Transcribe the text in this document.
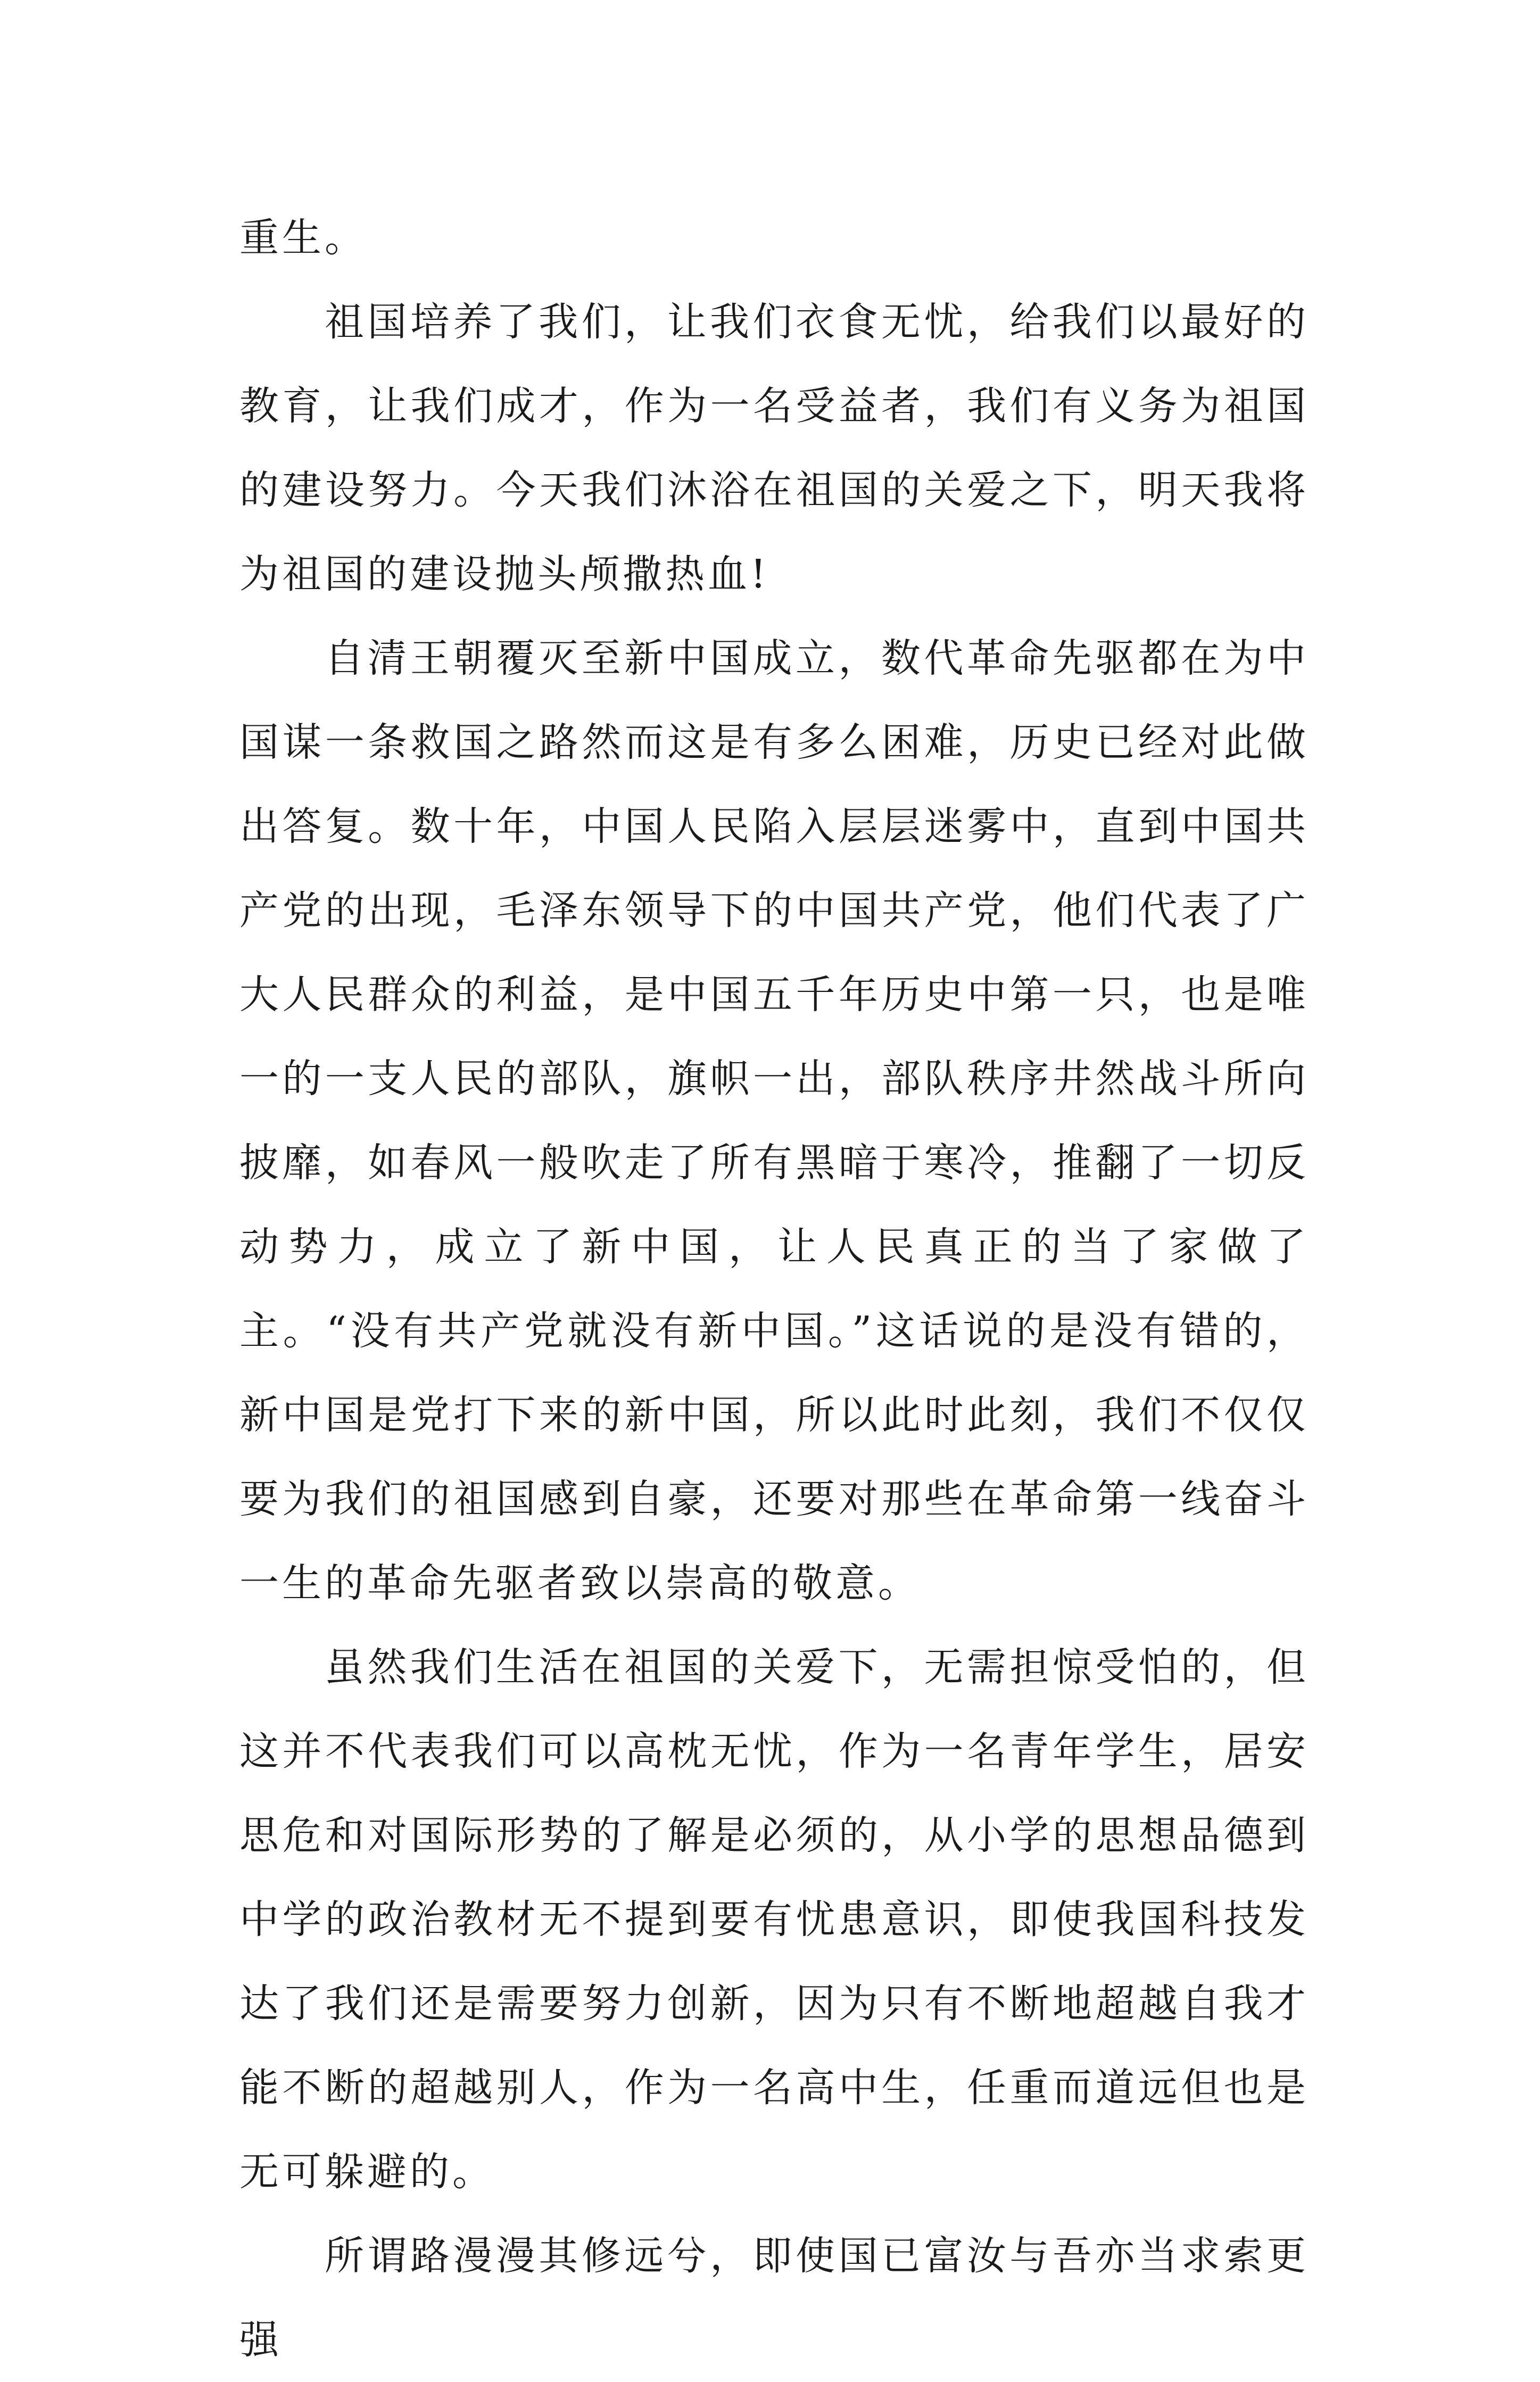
重生。

祖国培养了我们，让我们衣食无忧，给我们以最好的教育，让我们成才，作为一名受益者，我们有义务为祖国的建设努力。今天我们沐浴在祖国的关爱之下，明天我将为祖国的建设抛头颅撒热血!

自清王朝覆灭至新中国成立，数代革命先驱都在为中国谋一条救国之路然而这是有多么困难，历史已经对此做出答复。数十年，中国人民陷入层层迷雾中，直到中国共产党的出现，毛泽东领导下的中国共产党，他们代表了广大人民群众的利益，是中国五千年历史中第一只，也是唯一的一支人民的部队，旗帜一出，部队秩序井然战斗所向披靡，如春风一般吹走了所有黑暗于寒冷，推翻了一切反动势力，成立了新中国，让人民真正的当了家做了主。“没有共产党就没有新中国。”这话说的是没有错的，新中国是党打下来的新中国，所以此时此刻，我们不仅仅要为我们的祖国感到自豪，还要对那些在革命第一线奋斗一生的革命先驱者致以崇高的敬意。

虽然我们生活在祖国的关爱下，无需担惊受怕的，但这并不代表我们可以高枕无忧，作为一名青年学生，居安思危和对国际形势的了解是必须的，从小学的思想品德到中学的政治教材无不提到要有忧患意识，即使我国科技发达了我们还是需要努力创新，因为只有不断地超越自我才能不断的超越别人，作为一名高中生，任重而道远但也是无可躲避的。

所谓路漫漫其修远兮，即使国已富汝与吾亦当求索更强
